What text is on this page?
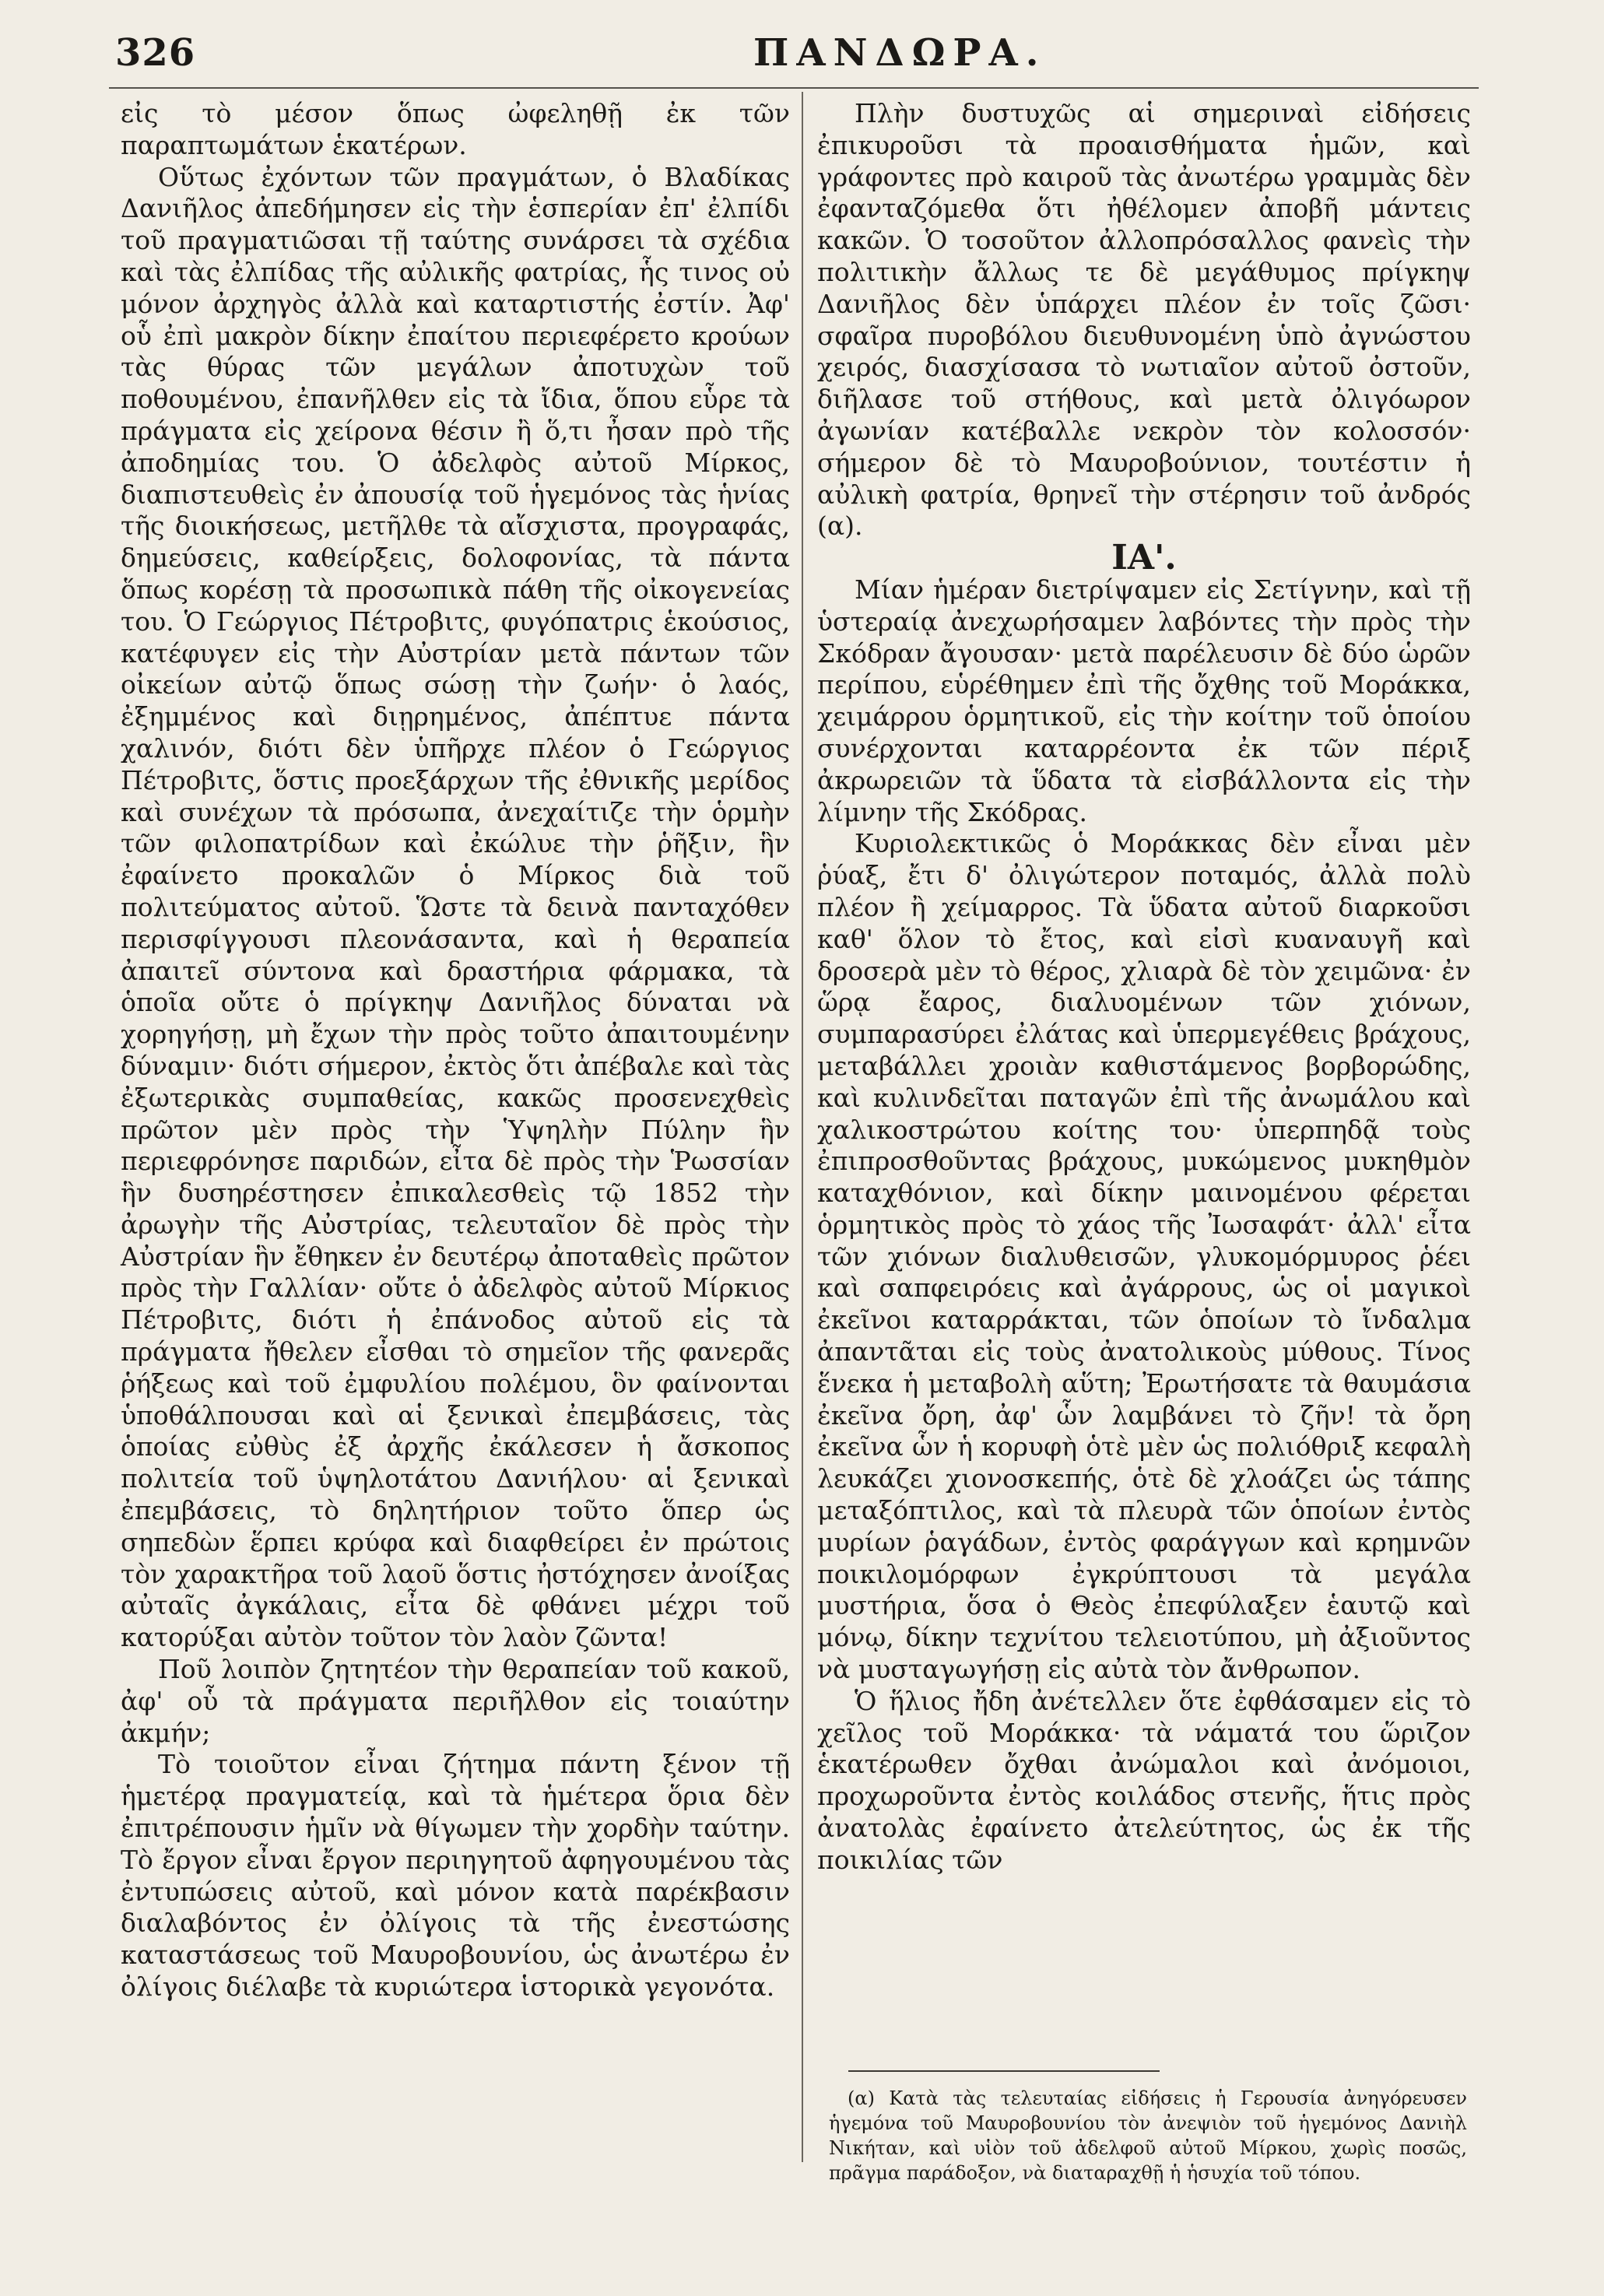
326	ΠΑΝΔΩΡΑ.

εἰς τὸ μέσον ὅπως ὠφεληθῇ ἐκ τῶν παραπτωμάτων ἑκατέρων.

Οὕτως ἐχόντων τῶν πραγμάτων, ὁ Βλαδίκας Δανιῆλος ἀπεδήμησεν εἰς τὴν ἑσπερίαν ἐπ' ἐλπίδι τοῦ πραγματιῶσαι τῇ ταύτης συνάρσει τὰ σχέδια καὶ τὰς ἐλπίδας τῆς αὐλικῆς φατρίας, ἧς τινος οὐ μόνον ἀρχηγὸς ἀλλὰ καὶ καταρτιστής ἐστίν. Ἀφ' οὗ ἐπὶ μακρὸν δίκην ἐπαίτου περιεφέρετο κρούων τὰς θύρας τῶν μεγάλων ἀποτυχὼν τοῦ ποθουμένου, ἐπανῆλθεν εἰς τὰ ἴδια, ὅπου εὗρε τὰ πράγματα εἰς χείρονα θέσιν ἢ ὅ,τι ἦσαν πρὸ τῆς ἀποδημίας του. Ὁ ἀδελφὸς αὐτοῦ Μίρκος, διαπιστευθεὶς ἐν ἀπουσίᾳ τοῦ ἡγεμόνος τὰς ἡνίας τῆς διοικήσεως, μετῆλθε τὰ αἴσχιστα, προγραφάς, δημεύσεις, καθείρξεις, δολοφονίας, τὰ πάντα ὅπως κορέσῃ τὰ προσωπικὰ πάθη τῆς οἰκογενείας του. Ὁ Γεώργιος Πέτροβιτς, φυγόπατρις ἑκούσιος, κατέφυγεν εἰς τὴν Αὐστρίαν μετὰ πάντων τῶν οἰκείων αὐτῷ ὅπως σώσῃ τὴν ζωήν· ὁ λαός, ἐξημμένος καὶ διῃρημένος, ἀπέπτυε πάντα χαλινόν, διότι δὲν ὑπῆρχε πλέον ὁ Γεώργιος Πέτροβιτς, ὅστις προεξάρχων τῆς ἐθνικῆς μερίδος καὶ συνέχων τὰ πρόσωπα, ἀνεχαίτιζε τὴν ὁρμὴν τῶν φιλοπατρίδων καὶ ἐκώλυε τὴν ῥῆξιν, ἣν ἐφαίνετο προκαλῶν ὁ Μίρκος διὰ τοῦ πολιτεύματος αὐτοῦ. Ὥστε τὰ δεινὰ πανταχόθεν περισφίγγουσι πλεονάσαντα, καὶ ἡ θεραπεία ἀπαιτεῖ σύντονα καὶ δραστήρια φάρμακα, τὰ ὁποῖα οὔτε ὁ πρίγκηψ Δανιῆλος δύναται νὰ χορηγήσῃ, μὴ ἔχων τὴν πρὸς τοῦτο ἀπαιτουμένην δύναμιν· διότι σήμερον, ἐκτὸς ὅτι ἀπέβαλε καὶ τὰς ἐξωτερικὰς συμπαθείας, κακῶς προσενεχθεὶς πρῶτον μὲν πρὸς τὴν Ὑψηλὴν Πύλην ἣν περιεφρόνησε παριδών, εἶτα δὲ πρὸς τὴν Ῥωσσίαν ἣν δυσηρέστησεν ἐπικαλεσθεὶς τῷ 1852 τὴν ἀρωγὴν τῆς Αὐστρίας, τελευταῖον δὲ πρὸς τὴν Αὐστρίαν ἣν ἔθηκεν ἐν δευτέρῳ ἀποταθεὶς πρῶτον πρὸς τὴν Γαλλίαν· οὔτε ὁ ἀδελφὸς αὐτοῦ Μίρκιος Πέτροβιτς, διότι ἡ ἐπάνοδος αὐτοῦ εἰς τὰ πράγματα ἤθελεν εἶσθαι τὸ σημεῖον τῆς φανερᾶς ῥήξεως καὶ τοῦ ἐμφυλίου πολέμου, ὃν φαίνονται ὑποθάλπουσαι καὶ αἱ ξενικαὶ ἐπεμβάσεις, τὰς ὁποίας εὐθὺς ἐξ ἀρχῆς ἐκάλεσεν ἡ ἄσκοπος πολιτεία τοῦ ὑψηλοτάτου Δανιήλου· αἱ ξενικαὶ ἐπεμβάσεις, τὸ δηλητήριον τοῦτο ὅπερ ὡς σηπεδὼν ἕρπει κρύφα καὶ διαφθείρει ἐν πρώτοις τὸν χαρακτῆρα τοῦ λαοῦ ὅστις ἠστόχησεν ἀνοίξας αὐταῖς ἀγκάλαις, εἶτα δὲ φθάνει μέχρι τοῦ κατορύξαι αὐτὸν τοῦτον τὸν λαὸν ζῶντα!

Ποῦ λοιπὸν ζητητέον τὴν θεραπείαν τοῦ κακοῦ, ἀφ' οὗ τὰ πράγματα περιῆλθον εἰς τοιαύτην ἀκμήν;

Τὸ τοιοῦτον εἶναι ζήτημα πάντη ξένον τῇ ἡμετέρᾳ πραγματείᾳ, καὶ τὰ ἡμέτερα ὅρια δὲν ἐπιτρέπουσιν ἡμῖν νὰ θίγωμεν τὴν χορδὴν ταύτην. Τὸ ἔργον εἶναι ἔργον περιηγητοῦ ἀφηγουμένου τὰς ἐντυπώσεις αὐτοῦ, καὶ μόνον κατὰ παρέκβασιν διαλαβόντος ἐν ὀλίγοις τὰ τῆς ἐνεστώσης καταστάσεως τοῦ Μαυροβουνίου, ὡς ἀνωτέρω ἐν ὀλίγοις διέλαβε τὰ κυριώτερα ἱστορικὰ γεγονότα.

Πλὴν δυστυχῶς αἱ σημεριναὶ εἰδήσεις ἐπικυροῦσι τὰ προαισθήματα ἡμῶν, καὶ γράφοντες πρὸ καιροῦ τὰς ἀνωτέρω γραμμὰς δὲν ἐφανταζόμεθα ὅτι ἠθέλομεν ἀποβῆ μάντεις κακῶν. Ὁ τοσοῦτον ἀλλοπρόσαλλος φανεὶς τὴν πολιτικὴν ἄλλως τε δὲ μεγάθυμος πρίγκηψ Δανιῆλος δὲν ὑπάρχει πλέον ἐν τοῖς ζῶσι· σφαῖρα πυροβόλου διευθυνομένη ὑπὸ ἀγνώστου χειρός, διασχίσασα τὸ νωτιαῖον αὐτοῦ ὀστοῦν, διῆλασε τοῦ στήθους, καὶ μετὰ ὀλιγόωρον ἀγωνίαν κατέβαλλε νεκρὸν τὸν κολοσσόν· σήμερον δὲ τὸ Μαυροβούνιον, τουτέστιν ἡ αὐλικὴ φατρία, θρηνεῖ τὴν στέρησιν τοῦ ἀνδρός (α).

ΙΑ'.

Μίαν ἡμέραν διετρίψαμεν εἰς Σετίγνην, καὶ τῇ ὑστεραίᾳ ἀνεχωρήσαμεν λαβόντες τὴν πρὸς τὴν Σκόδραν ἄγουσαν· μετὰ παρέλευσιν δὲ δύο ὡρῶν περίπου, εὑρέθημεν ἐπὶ τῆς ὄχθης τοῦ Μοράκκα, χειμάρρου ὁρμητικοῦ, εἰς τὴν κοίτην τοῦ ὁποίου συνέρχονται καταρρέοντα ἐκ τῶν πέριξ ἀκρωρειῶν τὰ ὕδατα τὰ εἰσβάλλοντα εἰς τὴν λίμνην τῆς Σκόδρας.

Κυριολεκτικῶς ὁ Μοράκκας δὲν εἶναι μὲν ῥύαξ, ἔτι δ' ὀλιγώτερον ποταμός, ἀλλὰ πολὺ πλέον ἢ χείμαρρος. Τὰ ὕδατα αὐτοῦ διαρκοῦσι καθ' ὅλον τὸ ἔτος, καὶ εἰσὶ κυαναυγῆ καὶ δροσερὰ μὲν τὸ θέρος, χλιαρὰ δὲ τὸν χειμῶνα· ἐν ὥρᾳ ἔαρος, διαλυομένων τῶν χιόνων, συμπαρασύρει ἐλάτας καὶ ὑπερμεγέθεις βράχους, μεταβάλλει χροιὰν καθιστάμενος βορβορώδης, καὶ κυλινδεῖται παταγῶν ἐπὶ τῆς ἀνωμάλου καὶ χαλικοστρώτου κοίτης του· ὑπερπηδᾷ τοὺς ἐπιπροσθοῦντας βράχους, μυκώμενος μυκηθμὸν καταχθόνιον, καὶ δίκην μαινομένου φέρεται ὁρμητικὸς πρὸς τὸ χάος τῆς Ἰωσαφάτ· ἀλλ' εἶτα τῶν χιόνων διαλυθεισῶν, γλυκομόρμυρος ῥέει καὶ σαπφειρόεις καὶ ἀγάρρους, ὡς οἱ μαγικοὶ ἐκεῖνοι καταρράκται, τῶν ὁποίων τὸ ἴνδαλμα ἀπαντᾶται εἰς τοὺς ἀνατολικοὺς μύθους. Τίνος ἕνεκα ἡ μεταβολὴ αὕτη; Ἐρωτήσατε τὰ θαυμάσια ἐκεῖνα ὄρη, ἀφ' ὧν λαμβάνει τὸ ζῆν! τὰ ὄρη ἐκεῖνα ὧν ἡ κορυφὴ ὁτὲ μὲν ὡς πολιόθριξ κεφαλὴ λευκάζει χιονοσκεπής, ὁτὲ δὲ χλοάζει ὡς τάπης μεταξόπτιλος, καὶ τὰ πλευρὰ τῶν ὁποίων ἐντὸς μυρίων ῥαγάδων, ἐντὸς φαράγγων καὶ κρημνῶν ποικιλομόρφων ἐγκρύπτουσι τὰ μεγάλα μυστήρια, ὅσα ὁ Θεὸς ἐπεφύλαξεν ἑαυτῷ καὶ μόνῳ, δίκην τεχνίτου τελειοτύπου, μὴ ἀξιοῦντος νὰ μυσταγωγήσῃ εἰς αὐτὰ τὸν ἄνθρωπον.

Ὁ ἥλιος ἤδη ἀνέτελλεν ὅτε ἐφθάσαμεν εἰς τὸ χεῖλος τοῦ Μοράκκα· τὰ νάματά του ὥριζον ἑκατέρωθεν ὄχθαι ἀνώμαλοι καὶ ἀνόμοιοι, προχωροῦντα ἐντὸς κοιλάδος στενῆς, ἥτις πρὸς ἀνατολὰς ἐφαίνετο ἀτελεύτητος, ὡς ἐκ τῆς ποικιλίας τῶν

(α) Κατὰ τὰς τελευταίας εἰδήσεις ἡ Γερουσία ἀνηγόρευσεν ἡγεμόνα τοῦ Μαυροβουνίου τὸν ἀνεψιὸν τοῦ ἡγεμόνος Δανιὴλ Νικήταν, καὶ υἱὸν τοῦ ἀδελφοῦ αὐτοῦ Μίρκου, χωρὶς ποσῶς, πρᾶγμα παράδοξον, νὰ διαταραχθῇ ἡ ἡσυχία τοῦ τόπου.
